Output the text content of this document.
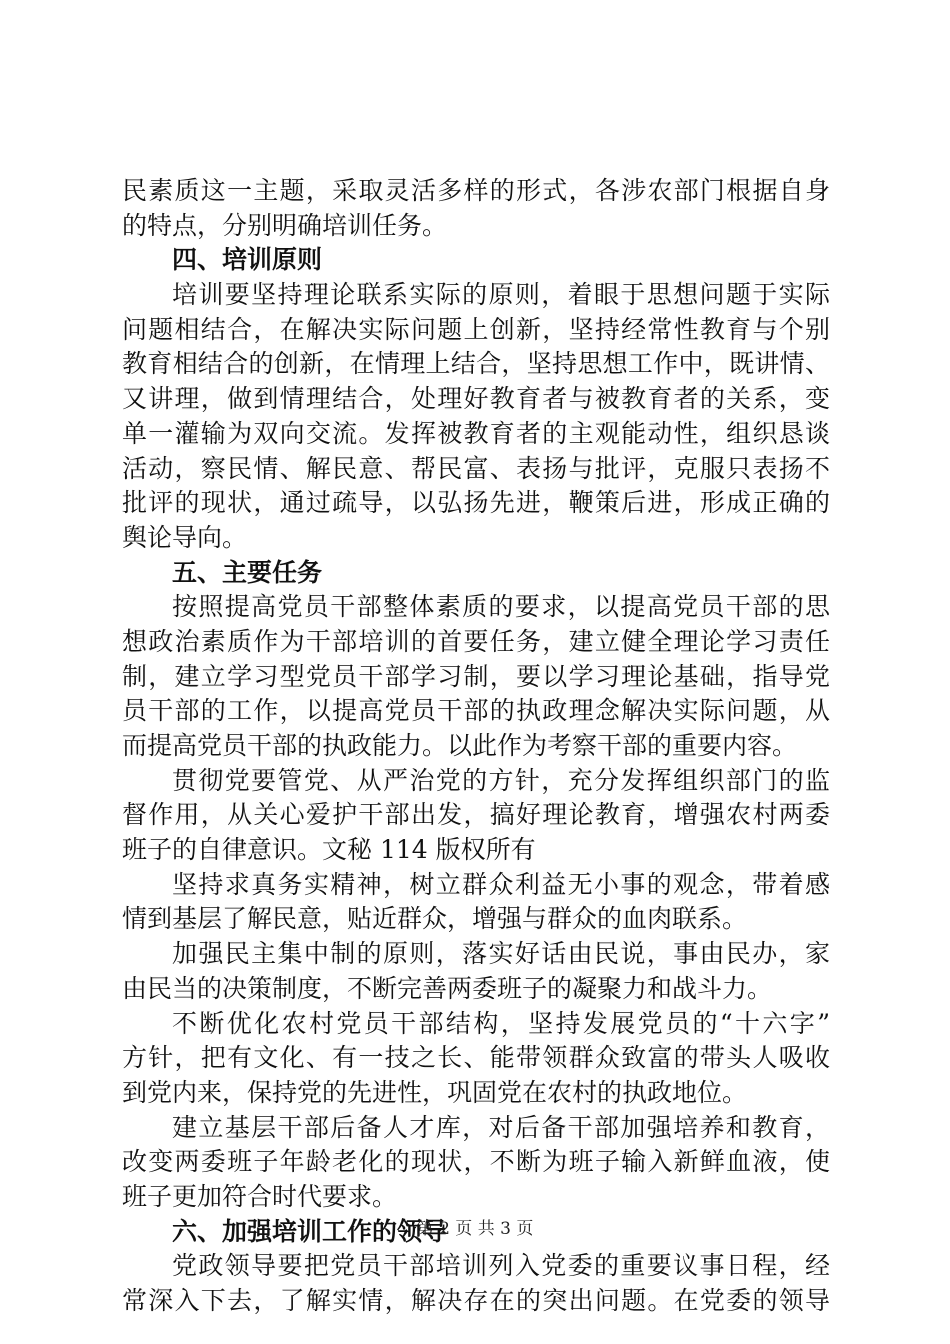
民素质这一主题，采取灵活多样的形式，各涉农部门根据自身
的特点，分别明确培训任务。
四、培训原则
培训要坚持理论联系实际的原则，着眼于思想问题于实际
问题相结合，在解决实际问题上创新，坚持经常性教育与个别
教育相结合的创新，在情理上结合，坚持思想工作中，既讲情、
又讲理，做到情理结合，处理好教育者与被教育者的关系，变
单一灌输为双向交流。发挥被教育者的主观能动性，组织恳谈
活动，察民情、解民意、帮民富、表扬与批评，克服只表扬不
批评的现状，通过疏导，以弘扬先进，鞭策后进，形成正确的
舆论导向。
五、主要任务
按照提高党员干部整体素质的要求，以提高党员干部的思
想政治素质作为干部培训的首要任务，建立健全理论学习责任
制，建立学习型党员干部学习制，要以学习理论基础，指导党
员干部的工作，以提高党员干部的执政理念解决实际问题，从
而提高党员干部的执政能力。以此作为考察干部的重要内容。
贯彻党要管党、从严治党的方针，充分发挥组织部门的监
督作用，从关心爱护干部出发，搞好理论教育，增强农村两委
班子的自律意识。文秘 114 版权所有
坚持求真务实精神，树立群众利益无小事的观念，带着感
情到基层了解民意，贴近群众，增强与群众的血肉联系。
加强民主集中制的原则，落实好话由民说，事由民办，家
由民当的决策制度，不断完善两委班子的凝聚力和战斗力。
不断优化农村党员干部结构，坚持发展党员的“十六字”
方针，把有文化、有一技之长、能带领群众致富的带头人吸收
到党内来，保持党的先进性，巩固党在农村的执政地位。
建立基层干部后备人才库，对后备干部加强培养和教育，
改变两委班子年龄老化的现状，不断为班子输入新鲜血液，使
班子更加符合时代要求。
六、加强培训工作的领导
党政领导要把党员干部培训列入党委的重要议事日程，经
常深入下去，了解实情，解决存在的突出问题。在党委的领导
第 2 页 共 3 页
